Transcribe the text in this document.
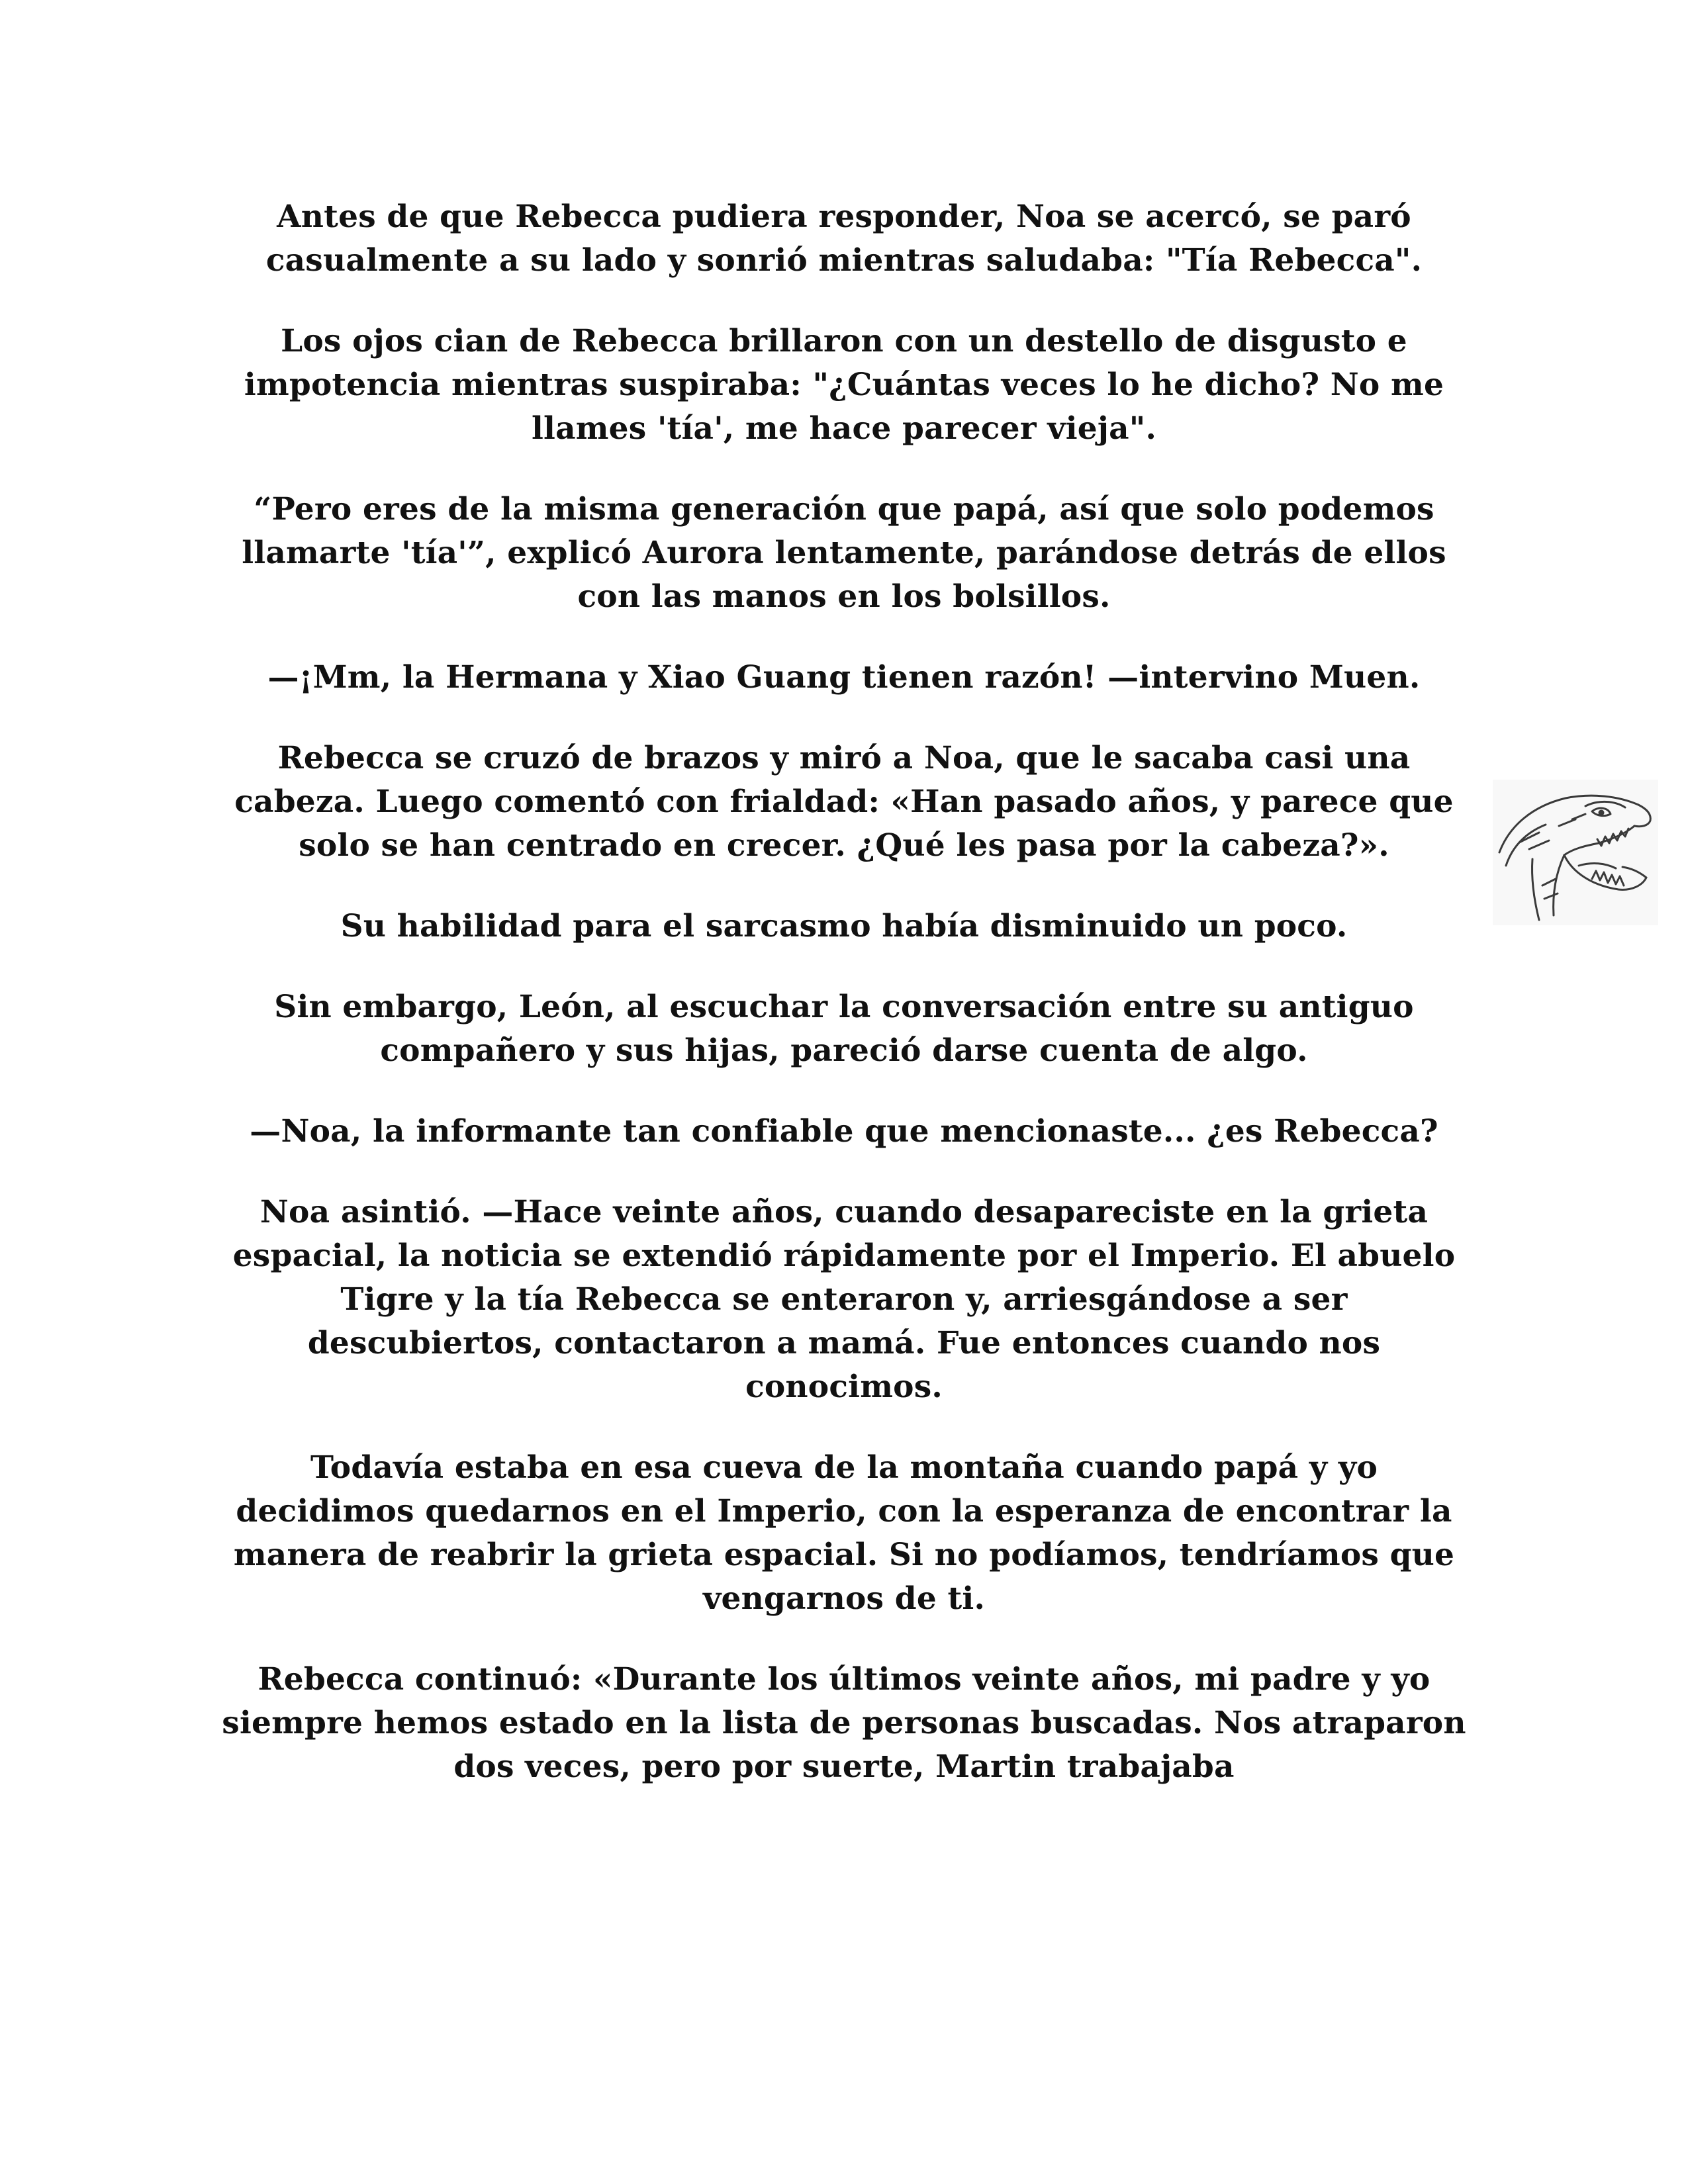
Antes de que Rebecca pudiera responder, Noa se acercó, se paró casualmente a su lado y sonrió mientras saludaba: "Tía Rebecca".

Los ojos cian de Rebecca brillaron con un destello de disgusto e impotencia mientras suspiraba: "¿Cuántas veces lo he dicho? No me llames 'tía', me hace parecer vieja".

“Pero eres de la misma generación que papá, así que solo podemos llamarte 'tía'”, explicó Aurora lentamente, parándose detrás de ellos con las manos en los bolsillos.

—¡Mm, la Hermana y Xiao Guang tienen razón! —intervino Muen.

Rebecca se cruzó de brazos y miró a Noa, que le sacaba casi una cabeza. Luego comentó con frialdad: «Han pasado años, y parece que solo se han centrado en crecer. ¿Qué les pasa por la cabeza?».

Su habilidad para el sarcasmo había disminuido un poco.

Sin embargo, León, al escuchar la conversación entre su antiguo compañero y sus hijas, pareció darse cuenta de algo.

—Noa, la informante tan confiable que mencionaste... ¿es Rebecca?

Noa asintió. —Hace veinte años, cuando desapareciste en la grieta espacial, la noticia se extendió rápidamente por el Imperio. El abuelo Tigre y la tía Rebecca se enteraron y, arriesgándose a ser descubiertos, contactaron a mamá. Fue entonces cuando nos conocimos.

Todavía estaba en esa cueva de la montaña cuando papá y yo decidimos quedarnos en el Imperio, con la esperanza de encontrar la manera de reabrir la grieta espacial. Si no podíamos, tendríamos que vengarnos de ti.

Rebecca continuó: «Durante los últimos veinte años, mi padre y yo siempre hemos estado en la lista de personas buscadas. Nos atraparon dos veces, pero por suerte, Martin trabajaba
